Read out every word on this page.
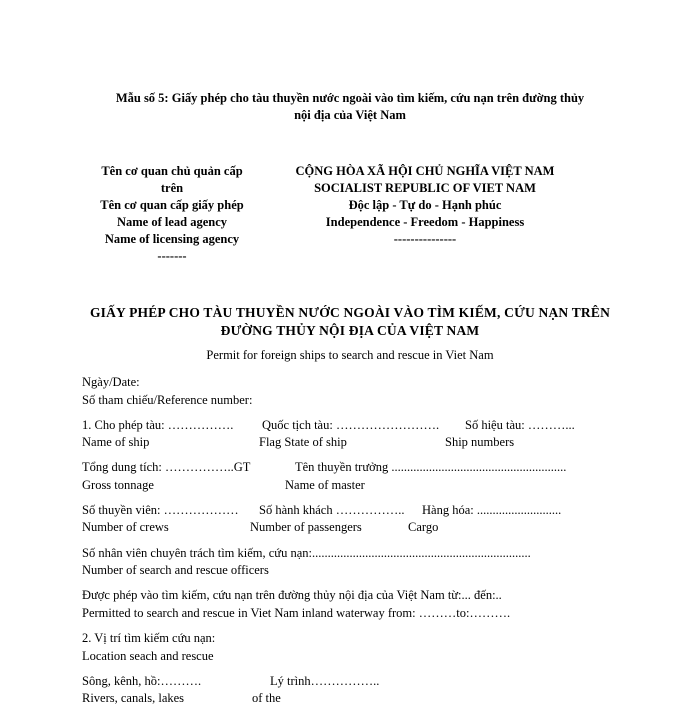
Mẫu số 5: Giấy phép cho tàu thuyền nước ngoài vào tìm kiếm, cứu nạn trên đường thủy
nội địa của Việt Nam
Tên cơ quan chủ quản cấp
trên
Tên cơ quan cấp giấy phép
Name of lead agency
Name of licensing agency
-------
CỘNG HÒA XÃ HỘI CHỦ NGHĨA VIỆT NAM
SOCIALIST REPUBLIC OF VIET NAM
Độc lập - Tự do - Hạnh phúc
Independence - Freedom - Happiness
---------------
GIẤY PHÉP CHO TÀU THUYỀN NƯỚC NGOÀI VÀO TÌM KIẾM, CỨU NẠN TRÊN
ĐƯỜNG THỦY NỘI ĐỊA CỦA VIỆT NAM
Permit for foreign ships to search and rescue in Viet Nam
Ngày/Date:
Số tham chiếu/Reference number:
1. Cho phép tàu: ……………. Quốc tịch tàu: ……………………. Số hiệu tàu: ………...
Name of ship	Flag State of ship	Ship numbers
Tổng dung tích: ……………..GT	Tên thuyền trưởng ........................................................
Gross tonnage	Name of master
Số thuyền viên: ……………… Số hành khách …………….. Hàng hóa: ...........................
Number of crews	Number of passengers	Cargo
Số nhân viên chuyên trách tìm kiếm, cứu nạn:......................................................................
Number of search and rescue officers
Được phép vào tìm kiếm, cứu nạn trên đường thủy nội địa của Việt Nam từ:... đến:..
Permitted to search and rescue in Viet Nam inland waterway from: ………to:……….
2. Vị trí tìm kiếm cứu nạn:
Location seach and rescue
Sông, kênh, hồ:……….	Lý trình……………..
Rivers, canals, lakes	of the
